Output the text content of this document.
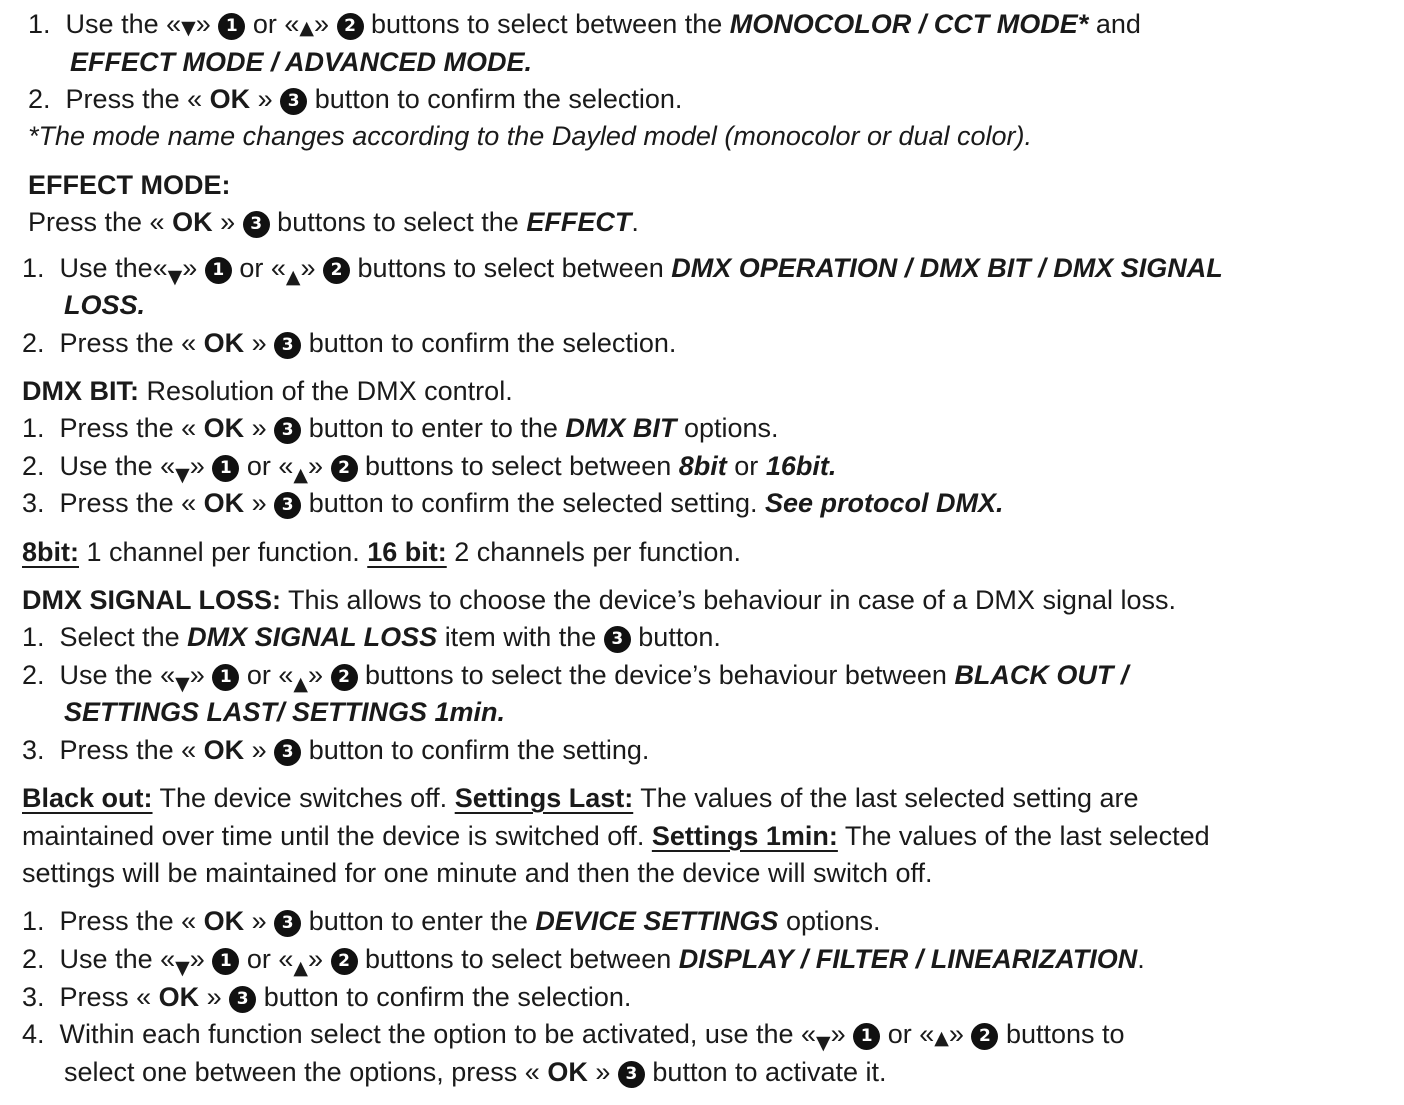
1. Use the «▼» 1 or «▲» 2 buttons to select between the MONOCOLOR / CCT MODE* and
EFFECT MODE / ADVANCED MODE.
2. Press the « OK » 3 button to confirm the selection.
*The mode name changes according to the Dayled model (monocolor or dual color).
EFFECT MODE:
Press the « OK » 3 buttons to select the EFFECT.
1. Use the«▼» 1 or «▲» 2 buttons to select between DMX OPERATION / DMX BIT / DMX SIGNAL
LOSS.
2. Press the « OK » 3 button to confirm the selection.
DMX BIT: Resolution of the DMX control.
1. Press the « OK » 3 button to enter to the DMX BIT options.
2. Use the «▼» 1 or «▲» 2 buttons to select between 8bit or 16bit.
3. Press the « OK » 3 button to confirm the selected setting. See protocol DMX.
8bit: 1 channel per function. 16 bit: 2 channels per function.
DMX SIGNAL LOSS: This allows to choose the device’s behaviour in case of a DMX signal loss.
1. Select the DMX SIGNAL LOSS item with the 3 button.
2. Use the «▼» 1 or «▲» 2 buttons to select the device’s behaviour between BLACK OUT /
SETTINGS LAST/ SETTINGS 1min.
3. Press the « OK » 3 button to confirm the setting.
Black out: The device switches off. Settings Last: The values of the last selected setting are
maintained over time until the device is switched off. Settings 1min: The values of the last selected
settings will be maintained for one minute and then the device will switch off.
1. Press the « OK » 3 button to enter the DEVICE SETTINGS options.
2. Use the «▼» 1 or «▲» 2 buttons to select between DISPLAY / FILTER / LINEARIZATION.
3. Press « OK » 3 button to confirm the selection.
4. Within each function select the option to be activated, use the «▼» 1 or «▲» 2 buttons to
select one between the options, press « OK » 3 button to activate it.
